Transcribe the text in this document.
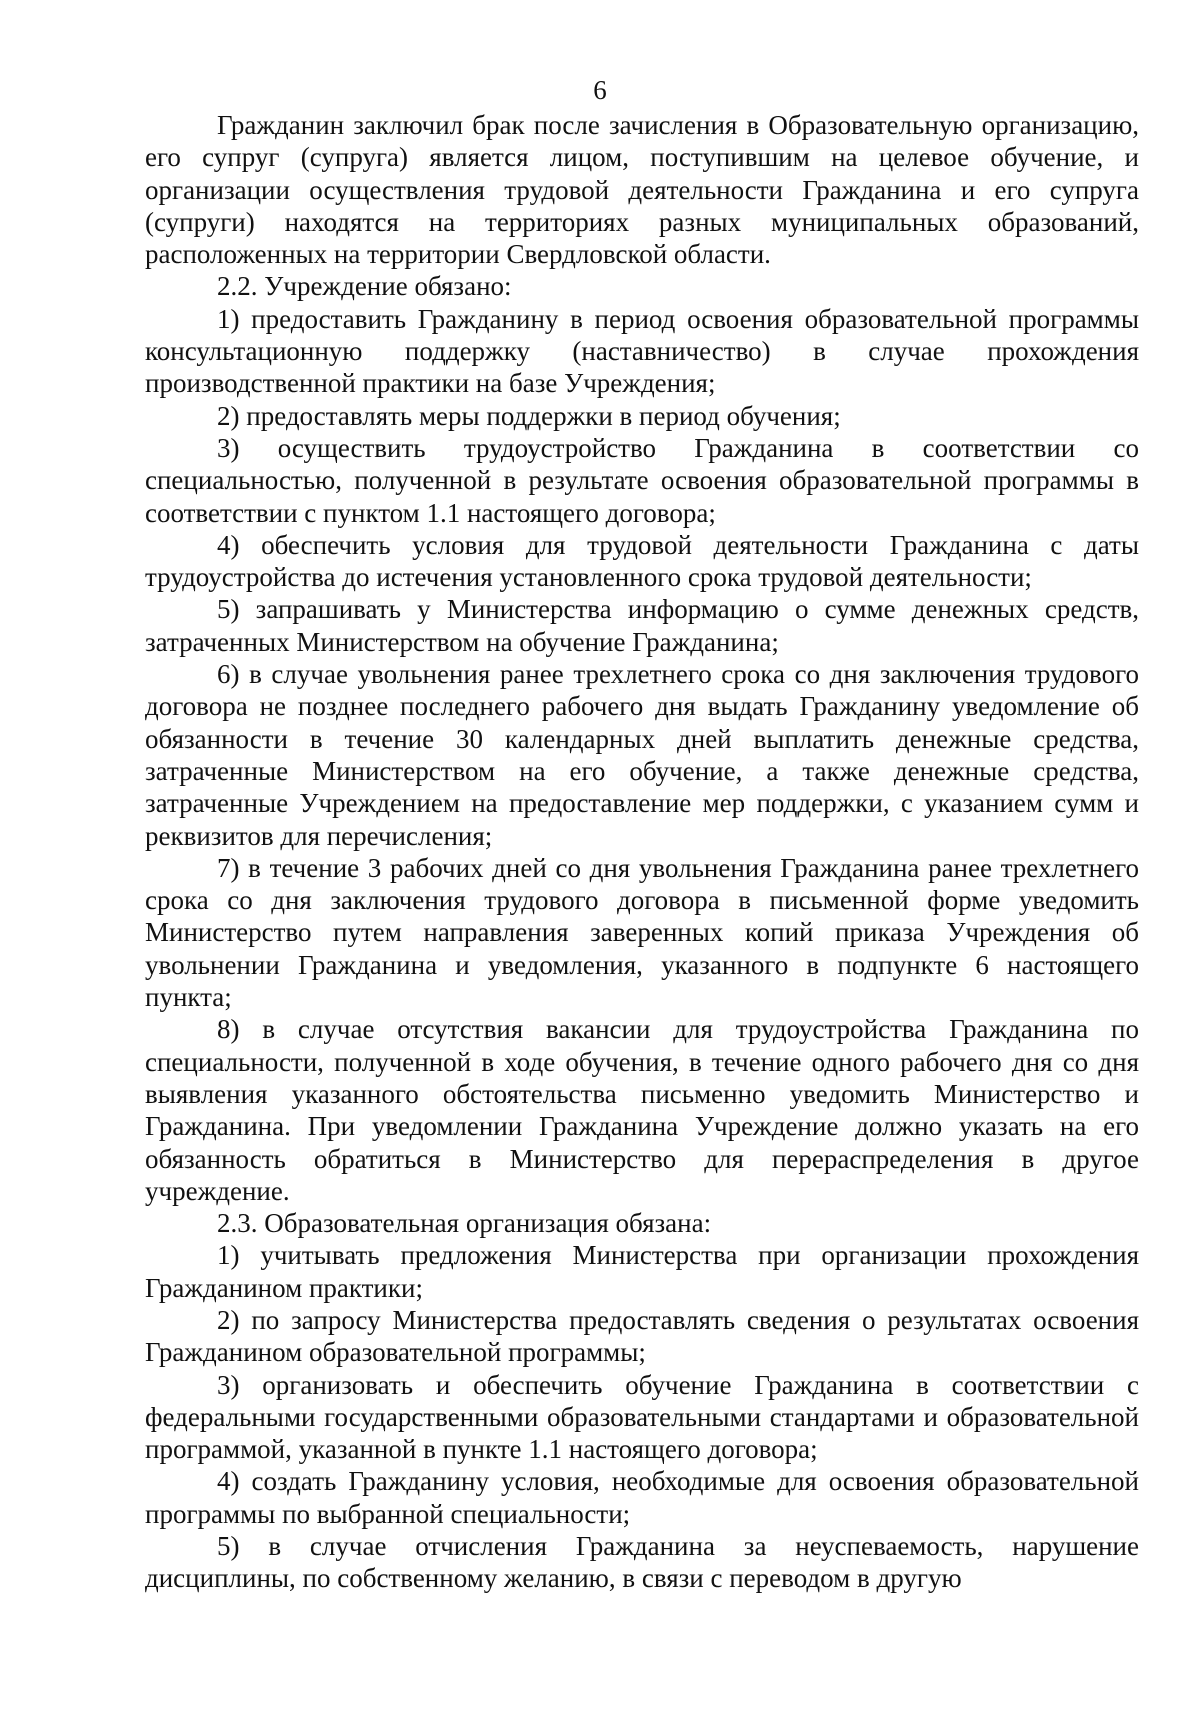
6

Гражданин заключил брак после зачисления в Образовательную организацию, его супруг (супруга) является лицом, поступившим на целевое обучение, и организации осуществления трудовой деятельности Гражданина и его супруга (супруги) находятся на территориях разных муниципальных образований, расположенных на территории Свердловской области.

2.2. Учреждение обязано:

1) предоставить Гражданину в период освоения образовательной программы консультационную поддержку (наставничество) в случае прохождения производственной практики на базе Учреждения;

2) предоставлять меры поддержки в период обучения;

3) осуществить трудоустройство Гражданина в соответствии со специальностью, полученной в результате освоения образовательной программы в соответствии с пунктом 1.1 настоящего договора;

4) обеспечить условия для трудовой деятельности Гражданина с даты трудоустройства до истечения установленного срока трудовой деятельности;

5) запрашивать у Министерства информацию о сумме денежных средств, затраченных Министерством на обучение Гражданина;

6) в случае увольнения ранее трехлетнего срока со дня заключения трудового договора не позднее последнего рабочего дня выдать Гражданину уведомление об обязанности в течение 30 календарных дней выплатить денежные средства, затраченные Министерством на его обучение, а также денежные средства, затраченные Учреждением на предоставление мер поддержки, с указанием сумм и реквизитов для перечисления;

7) в течение 3 рабочих дней со дня увольнения Гражданина ранее трехлетнего срока со дня заключения трудового договора в письменной форме уведомить Министерство путем направления заверенных копий приказа Учреждения об увольнении Гражданина и уведомления, указанного в подпункте 6 настоящего пункта;

8) в случае отсутствия вакансии для трудоустройства Гражданина по специальности, полученной в ходе обучения, в течение одного рабочего дня со дня выявления указанного обстоятельства письменно уведомить Министерство и Гражданина. При уведомлении Гражданина Учреждение должно указать на его обязанность обратиться в Министерство для перераспределения в другое учреждение.

2.3. Образовательная организация обязана:

1) учитывать предложения Министерства при организации прохождения Гражданином практики;

2) по запросу Министерства предоставлять сведения о результатах освоения Гражданином образовательной программы;

3) организовать и обеспечить обучение Гражданина в соответствии с федеральными государственными образовательными стандартами и образовательной программой, указанной в пункте 1.1 настоящего договора;

4) создать Гражданину условия, необходимые для освоения образовательной программы по выбранной специальности;

5) в случае отчисления Гражданина за неуспеваемость, нарушение дисциплины, по собственному желанию, в связи с переводом в другую
